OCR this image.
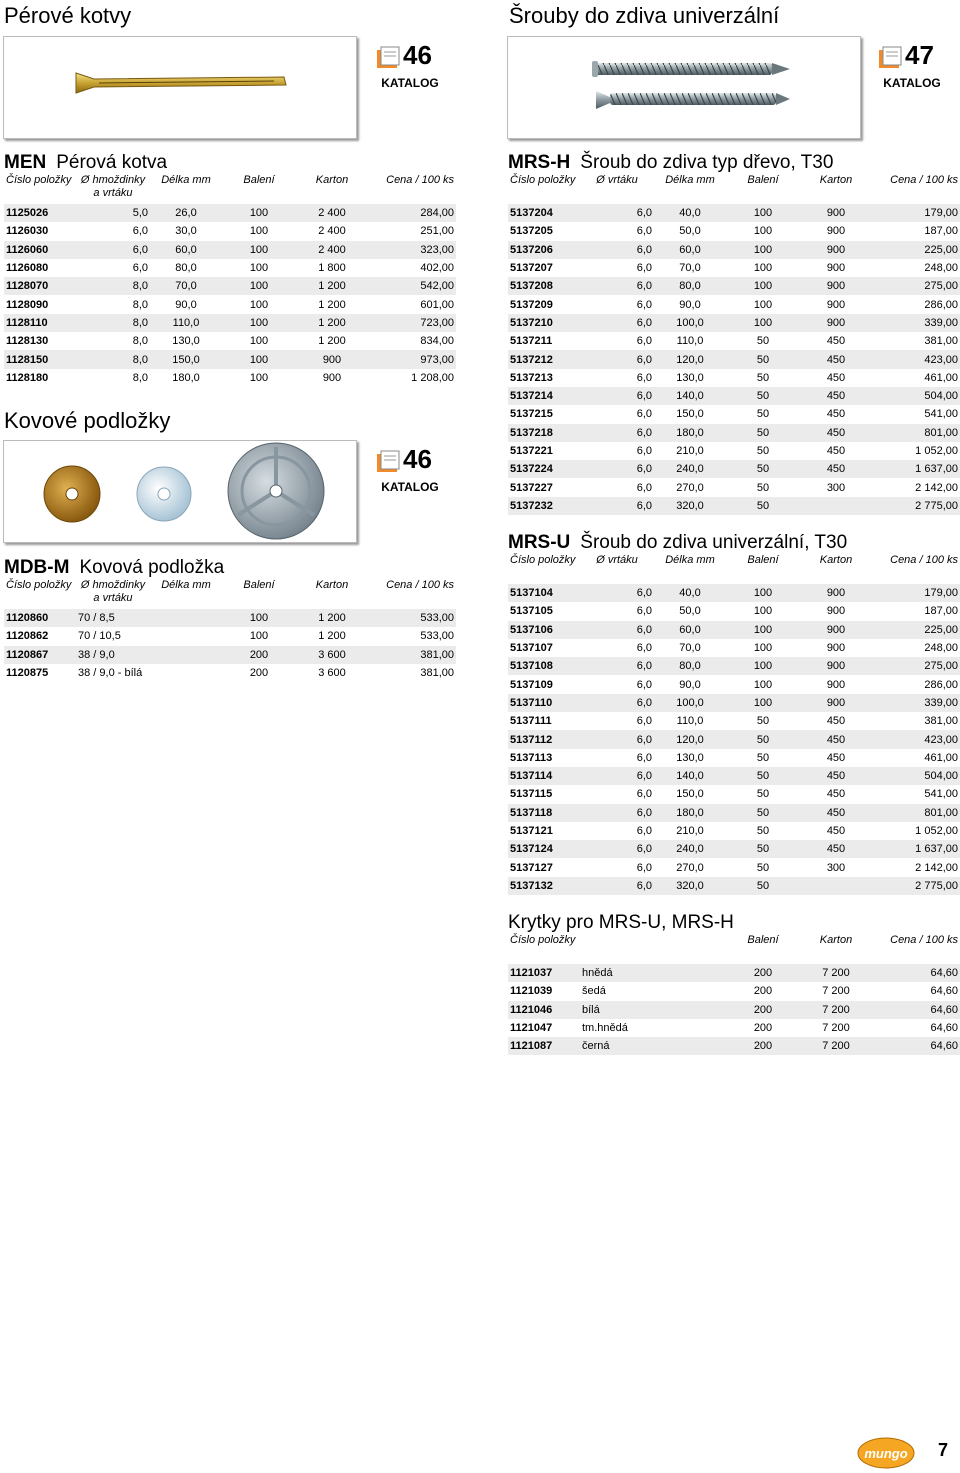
Pérové kotvy
46
KATALOG
MEN Pérová kotva
Číslo položky	Ø hmoždinky a vrtáku	Délka mm	Balení	Karton	Cena / 100 ks
1125026	5,0	26,0	100	2 400	284,00
1126030	6,0	30,0	100	2 400	251,00
1126060	6,0	60,0	100	2 400	323,00
1126080	6,0	80,0	100	1 800	402,00
1128070	8,0	70,0	100	1 200	542,00
1128090	8,0	90,0	100	1 200	601,00
1128110	8,0	110,0	100	1 200	723,00
1128130	8,0	130,0	100	1 200	834,00
1128150	8,0	150,0	100	900	973,00
1128180	8,0	180,0	100	900	1 208,00
Kovové podložky
46
KATALOG
MDB-M Kovová podložka
Číslo položky	Ø hmoždinky a vrtáku	Délka mm	Balení	Karton	Cena / 100 ks
1120860	70 / 8,5		100	1 200	533,00
1120862	70 / 10,5		100	1 200	533,00
1120867	38 / 9,0		200	3 600	381,00
1120875	38 / 9,0 - bílá		200	3 600	381,00
Šrouby do zdiva univerzální
47
KATALOG
MRS-H Šroub do zdiva typ dřevo, T30
Číslo položky	Ø vrtáku	Délka mm	Balení	Karton	Cena / 100 ks
5137204	6,0	40,0	100	900	179,00
5137205	6,0	50,0	100	900	187,00
5137206	6,0	60,0	100	900	225,00
5137207	6,0	70,0	100	900	248,00
5137208	6,0	80,0	100	900	275,00
5137209	6,0	90,0	100	900	286,00
5137210	6,0	100,0	100	900	339,00
5137211	6,0	110,0	50	450	381,00
5137212	6,0	120,0	50	450	423,00
5137213	6,0	130,0	50	450	461,00
5137214	6,0	140,0	50	450	504,00
5137215	6,0	150,0	50	450	541,00
5137218	6,0	180,0	50	450	801,00
5137221	6,0	210,0	50	450	1 052,00
5137224	6,0	240,0	50	450	1 637,00
5137227	6,0	270,0	50	300	2 142,00
5137232	6,0	320,0	50		2 775,00
MRS-U Šroub do zdiva univerzální, T30
Číslo položky	Ø vrtáku	Délka mm	Balení	Karton	Cena / 100 ks
5137104	6,0	40,0	100	900	179,00
5137105	6,0	50,0	100	900	187,00
5137106	6,0	60,0	100	900	225,00
5137107	6,0	70,0	100	900	248,00
5137108	6,0	80,0	100	900	275,00
5137109	6,0	90,0	100	900	286,00
5137110	6,0	100,0	100	900	339,00
5137111	6,0	110,0	50	450	381,00
5137112	6,0	120,0	50	450	423,00
5137113	6,0	130,0	50	450	461,00
5137114	6,0	140,0	50	450	504,00
5137115	6,0	150,0	50	450	541,00
5137118	6,0	180,0	50	450	801,00
5137121	6,0	210,0	50	450	1 052,00
5137124	6,0	240,0	50	450	1 637,00
5137127	6,0	270,0	50	300	2 142,00
5137132	6,0	320,0	50		2 775,00
Krytky pro MRS-U, MRS-H
Číslo položky			Balení	Karton	Cena / 100 ks
1121037	hnědá		200	7 200	64,60
1121039	šedá		200	7 200	64,60
1121046	bílá		200	7 200	64,60
1121047	tm.hnědá		200	7 200	64,60
1121087	černá		200	7 200	64,60
mungo 7
